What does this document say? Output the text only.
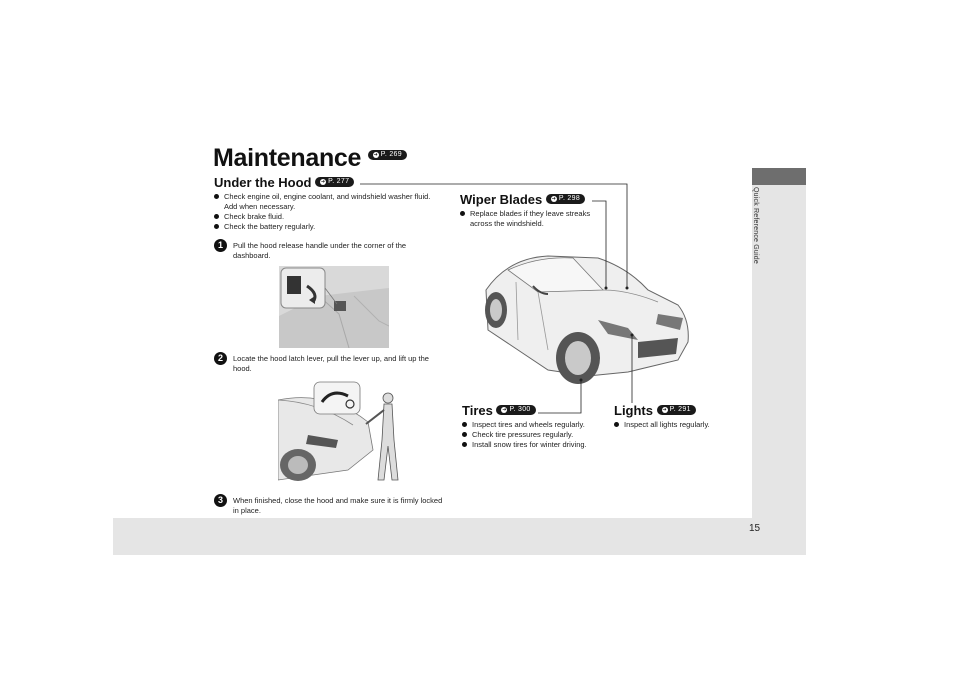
Quick Reference Guide
15
Maintenance ➜ P. 269
Under the Hood ➜ P. 277
Check engine oil, engine coolant, and windshield washer fluid. Add when necessary.
Check brake fluid.
Check the battery regularly.
1	Pull the hood release handle under the corner of the dashboard.
2	Locate the hood latch lever, pull the lever up, and lift up the hood.
3	When finished, close the hood and make sure it is firmly locked in place.
Wiper Blades ➜ P. 298
Replace blades if they leave streaks across the windshield.
Tires ➜ P. 300
Inspect tires and wheels regularly.
Check tire pressures regularly.
Install snow tires for winter driving.
Lights ➜ P. 291
Inspect all lights regularly.
